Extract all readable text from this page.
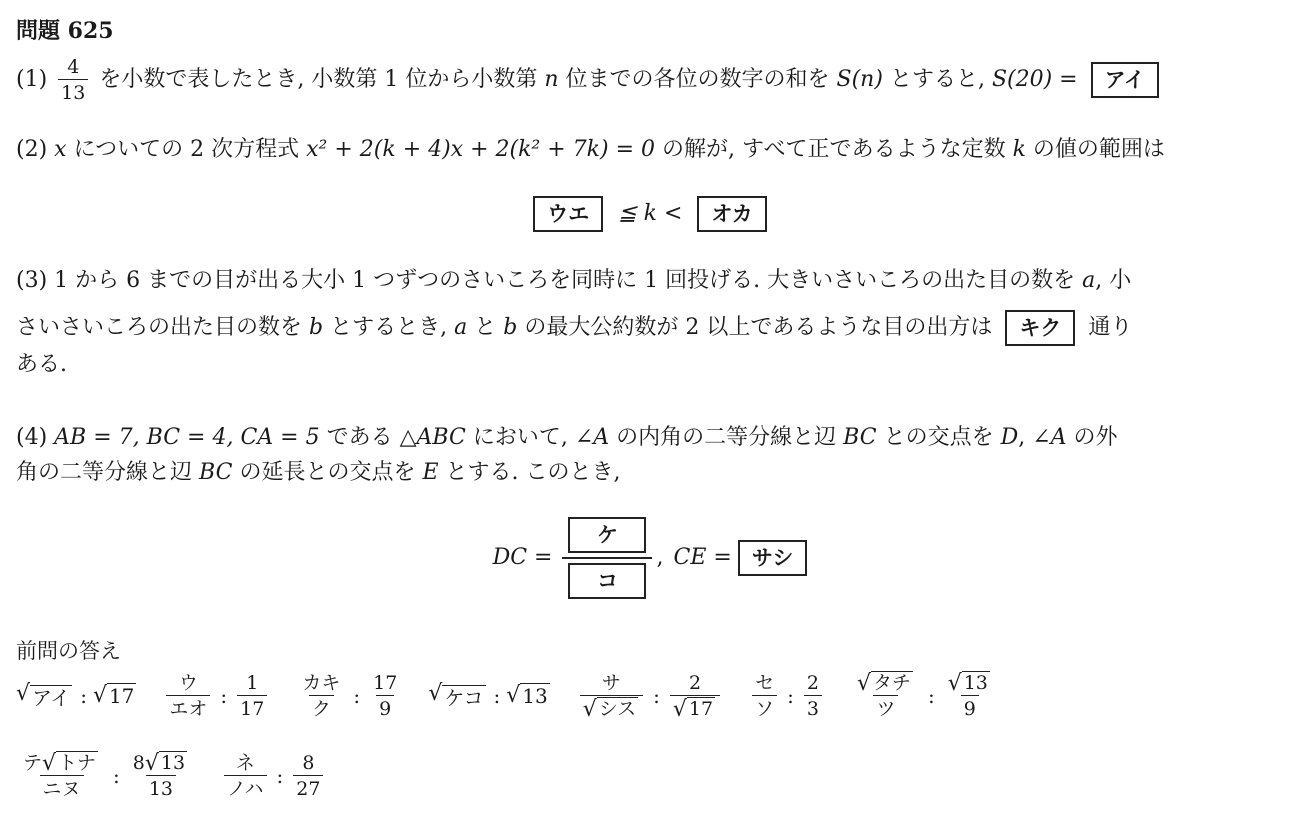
問題 625
$(1) \frac{4}{13}$ を小数で表したとき, 小数第 1 位から小数第 n 位までの各位の数字の和を S(n) とすると, S(20) = アイ
(2) x についての 2 次方程式 x² + 2(k + 4)x + 2(k² + 7k) = 0 の解が, すべて正であるような定数 k の値の範囲は
ウエ ≦ k < オカ
(3) 1 から 6 までの目が出る大小 1 つずつのさいころを同時に 1 回投げる. 大きいさいころの出た目の数を a, 小
さいさいころの出た目の数を b とするとき, a と b の最大公約数が 2 以上であるような目の出方は キク 通り
ある.
(4) AB = 7, BC = 4, CA = 5 である △ABC において, ∠A の内角の二等分線と辺 BC との交点を D, ∠A の外
角の二等分線と辺 BC の延長との交点を E とする. このとき,
DC =
ケ
コ
, CE = サシ
前問の答え
√ アイ : √ $17 \frac{\text{ウ}}{\text{エオ}}$ : $\frac{1}{17} \frac{\text{カキ}}{\text{ク}}$ : $\frac{17}{9}$ √ ケコ : √ $13 \frac{\text{サ}}{\text{√ シス}}$ : $\frac{2}{√ 17} \frac{\text{セ}}{\text{ソ}}$ : $\frac{2}{3} \frac{\text{√ タチ}}{\text{ツ}}$ : $\frac{√ 13}{9}$
$\frac{\text{テ √ トナ}}{\text{ニヌ}}$ : $\frac{8 √ 13}{13} \frac{\text{ネ}}{\text{ノハ}}$ : $\frac{8}{27}$
